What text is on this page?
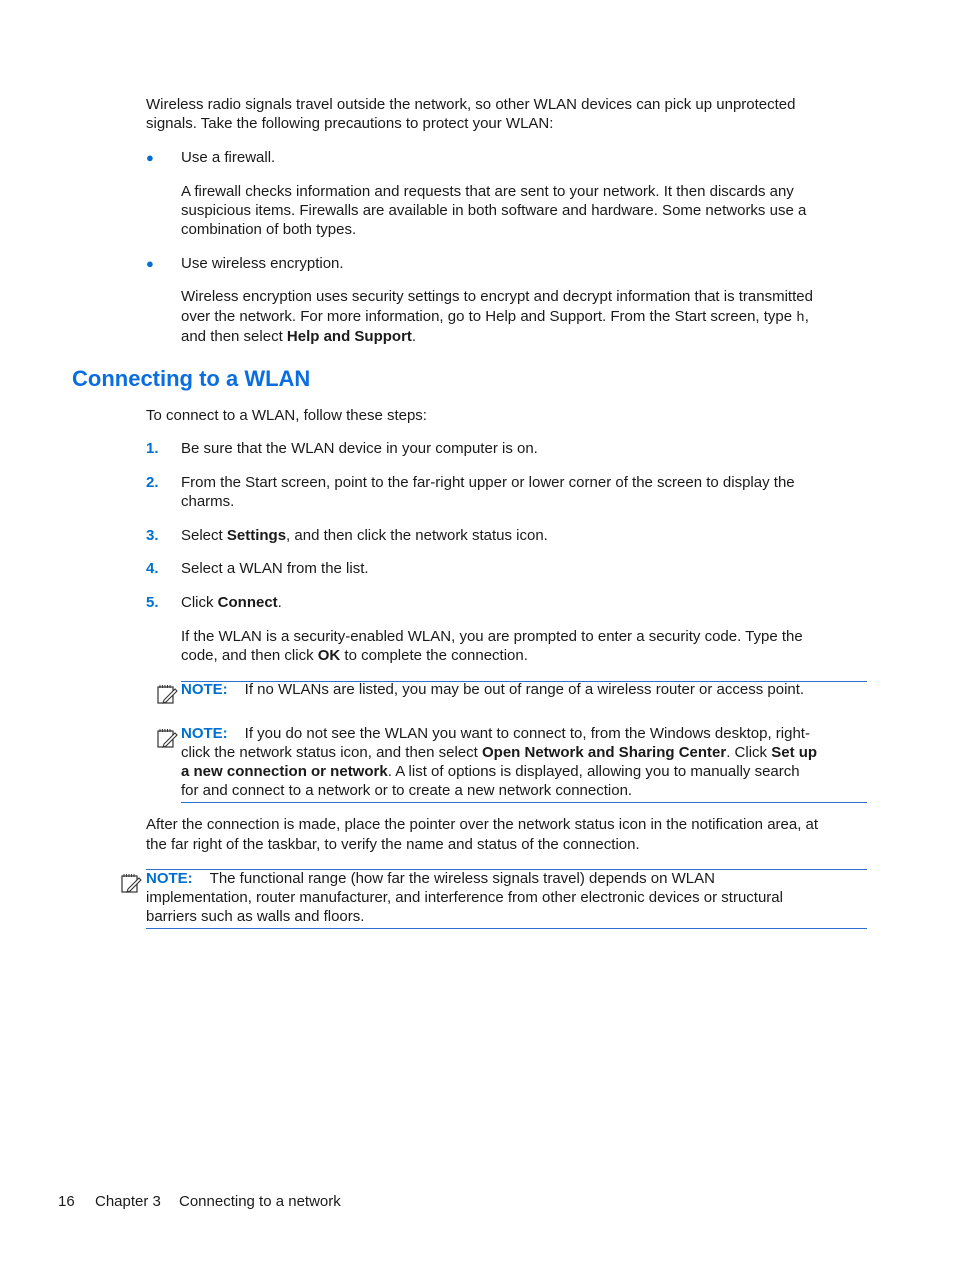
Wireless radio signals travel outside the network, so other WLAN devices can pick up unprotected

signals. Take the following precautions to protect your WLAN:

● Use a firewall.

A firewall checks information and requests that are sent to your network. It then discards any

suspicious items. Firewalls are available in both software and hardware. Some networks use a

combination of both types.

● Use wireless encryption.

Wireless encryption uses security settings to encrypt and decrypt information that is transmitted

over the network. For more information, go to Help and Support. From the Start screen, type h,

and then select Help and Support.

Connecting to a WLAN

To connect to a WLAN, follow these steps:

1. Be sure that the WLAN device in your computer is on.

2. From the Start screen, point to the far-right upper or lower corner of the screen to display the

charms.

3. Select Settings, and then click the network status icon.

4. Select a WLAN from the list.

5. Click Connect.

If the WLAN is a security-enabled WLAN, you are prompted to enter a security code. Type the

code, and then click OK to complete the connection.

NOTE: If no WLANs are listed, you may be out of range of a wireless router or access point.

NOTE: If you do not see the WLAN you want to connect to, from the Windows desktop, right-

click the network status icon, and then select Open Network and Sharing Center. Click Set up

a new connection or network. A list of options is displayed, allowing you to manually search

for and connect to a network or to create a new network connection.

After the connection is made, place the pointer over the network status icon in the notification area, at

the far right of the taskbar, to verify the name and status of the connection.

NOTE: The functional range (how far the wireless signals travel) depends on WLAN

implementation, router manufacturer, and interference from other electronic devices or structural

barriers such as walls and floors.

16 Chapter 3 Connecting to a network
